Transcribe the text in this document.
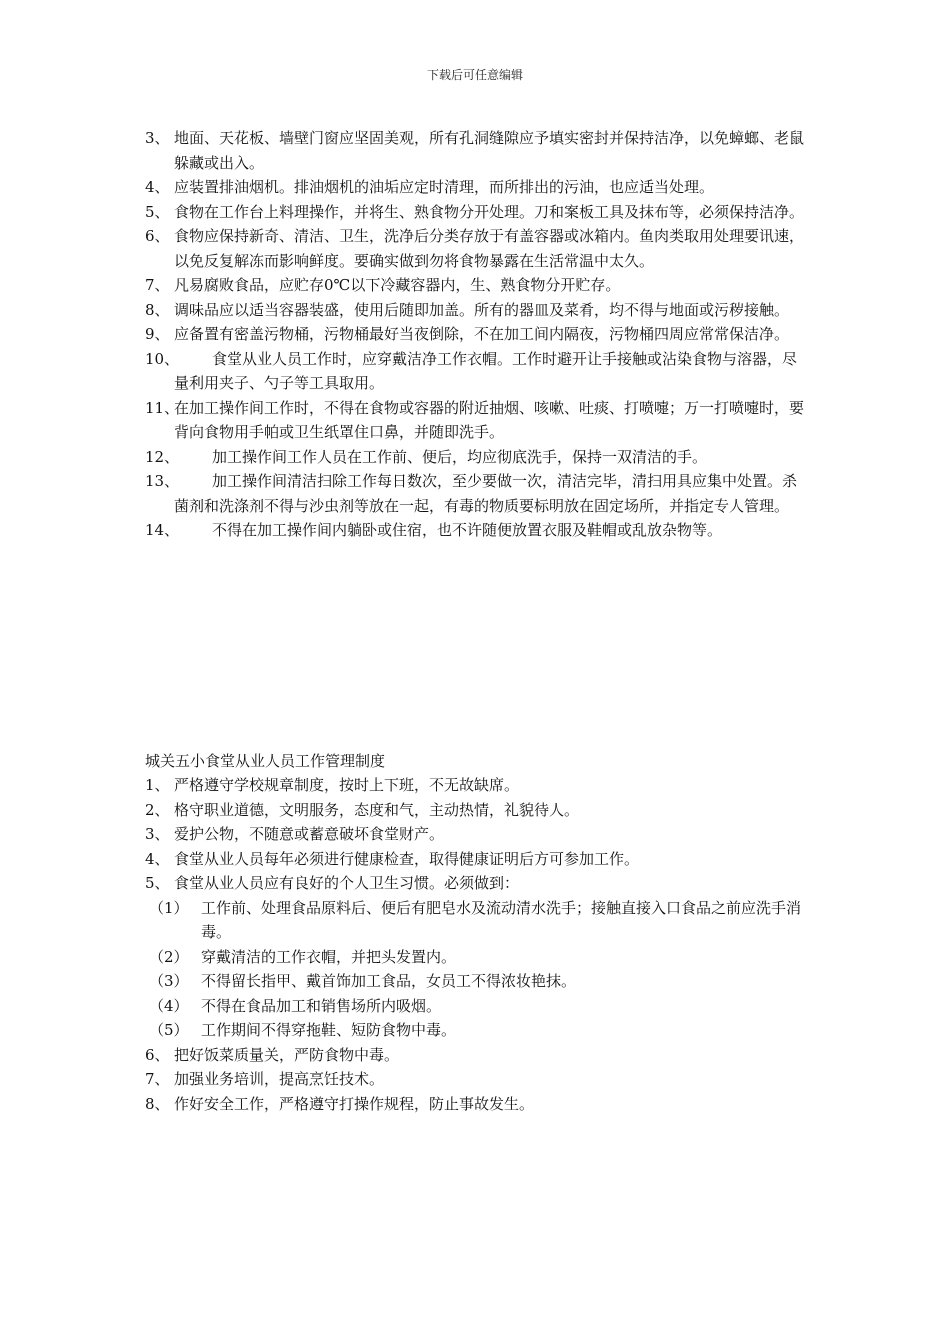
下载后可任意编辑
3、 地面、天花板、墙壁门窗应坚固美观，所有孔洞缝隙应予填实密封并保持洁净，以免蟑螂、老鼠躲藏或出入。
4、 应装置排油烟机。排油烟机的油垢应定时清理，而所排出的污油，也应适当处理。
5、 食物在工作台上料理操作，并将生、熟食物分开处理。刀和案板工具及抹布等，必须保持洁净。
6、 食物应保持新奇、清洁、卫生，洗净后分类存放于有盖容器或冰箱内。鱼肉类取用处理要讯速，以免反复解冻而影响鲜度。要确实做到勿将食物暴露在生活常温中太久。
7、 凡易腐败食品，应贮存0℃以下冷藏容器内，生、熟食物分开贮存。
8、 调味品应以适当容器装盛，使用后随即加盖。所有的器皿及菜肴，均不得与地面或污秽接触。
9、 应备置有密盖污物桶，污物桶最好当夜倒除，不在加工间内隔夜，污物桶四周应常常保洁净。
10、 食堂从业人员工作时，应穿戴洁净工作衣帽。工作时避开让手接触或沾染食物与溶器，尽量利用夹子、勺子等工具取用。
11、
在加工操作间工作时，不得在食物或容器的附近抽烟、咳嗽、吐痰、打喷嚏；万一打喷嚏时，要背向食物用手帕或卫生纸罩住口鼻，并随即洗手。
12、 加工操作间工作人员在工作前、便后，均应彻底洗手，保持一双清洁的手。
13、 加工操作间清洁扫除工作每日数次，至少要做一次，清洁完毕，清扫用具应集中处置。杀菌剂和洗涤剂不得与沙虫剂等放在一起，有毒的物质要标明放在固定场所，并指定专人管理。
14、 不得在加工操作间内躺卧或住宿，也不许随便放置衣服及鞋帽或乱放杂物等。
城关五小食堂从业人员工作管理制度
1、 严格遵守学校规章制度，按时上下班，不无故缺席。
2、 格守职业道德，文明服务，态度和气，主动热情，礼貌待人。
3、 爱护公物，不随意或蓄意破坏食堂财产。
4、 食堂从业人员每年必须进行健康检查，取得健康证明后方可参加工作。
5、 食堂从业人员应有良好的个人卫生习惯。必须做到：
（1） 工作前、处理食品原料后、便后有肥皂水及流动清水洗手；接触直接入口食品之前应洗手消毒。
（2） 穿戴清洁的工作衣帽，并把头发置内。
（3） 不得留长指甲、戴首饰加工食品，女员工不得浓妆艳抹。
（4） 不得在食品加工和销售场所内吸烟。
（5） 工作期间不得穿拖鞋、短防食物中毒。
6、 把好饭菜质量关，严防食物中毒。
7、 加强业务培训，提高烹饪技术。
8、 作好安全工作，严格遵守打操作规程，防止事故发生。
